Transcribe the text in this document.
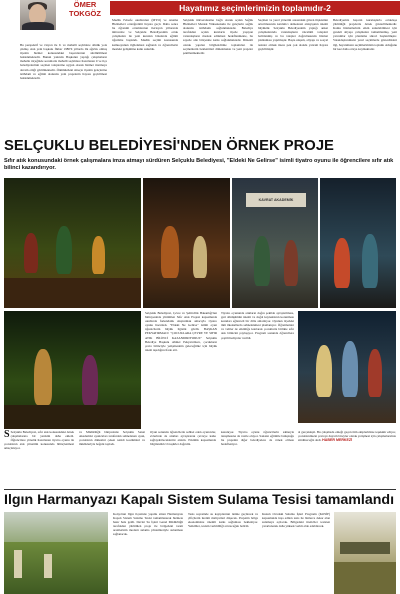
ÖMER
TOKGÖZ
Bu perspektif ve vizyon ile 9. ve mahalli seçimlere dönük yola çıkmış olan yeni başkanı İlkbar 1980'li yıllarda ilk ağırlık olmuş ilçenin hizmet konusundaki başarılarının sürdürülmesi beklenmektedir. Bunun yanında Başkanın yaptığı çalışmaların mahalle ölçeğinde sorunlarla mahalli seçimlere hazırlanan il ve ilçe belediyelerinin seçmen taleplerine uygun olarak hizmet üretmeye devam ettiği görülmektedir. Önümüzdeki süreçte ilçenin gençlerine istihdam ve eğitim alanında yeni projelerin hayata geçirilmesi beklenmektedir.
Hayatımız seçimlerimizin toplamıdır-2
Mezhk Felsefe okullarının (MYO) ve Anama Hizmetleri ortaöğretimi hayata geçti. Daha sonra bu öğrenim ortamlarının ilerleyen yıllarında üniversite ve Selçuklu Belediyesinin ortak çalışmaları ile yeni kurulan binalarda eğitim öğretime başlandı. Mezhk seçimi konusunda kamuoyunun ilgilenmesi sağlandı ve öğrencilerin mesleki gelişimine katkı sunuldu.
Selçuklu üniversitesine bağlı olarak açılan Sağlık Hizmetleri Meslek Yüksekokulu ile gençlerin sağlık alanında istihdamı sağlanmaktadır. Belediye tarafından açılan kurslarla ilçede yaşayan vatandaşların meslek edinmesi hedeflenmekte, bu sayede aile bütçesine katkı sağlanmaktadır. Düzenli olarak yapılan bilgilendirme toplantıları ile seçmenlerin beklentileri dinlenmekte ve yeni projeler şekillenmektedir.
Seçmen ve yerel yönetim arasındaki güven ilişkisinin artırılmasında katılımcı demokrasi anlayışının önemi büyüktür. Selçuklu Belediyesinin yaptığı anket çalışmalarında vatandaşların öncelikli talepleri belirlenmiş ve bu talepler doğrultusunda hizmet planlaması yapılmıştır. Başta ulaşım, altyapı ve sosyal tesisler olmak üzere pek çok alanda yatırım hayata geçirilmiştir.
Belediyemiz başarılı kuruluşlarla ortaklaşa yürüttüğü projelerle örnek gösterilmektedir. Kamu hizmetlerinin etkin sunulabilmesi için gerekli altyapı çalışmaları tamamlanmış, yeni yatırımlar için planlama süreci başlatılmıştır. Vatandaşlarımızın yerel seçimlerde gösterdikleri ilgi, hayatımızın seçimlerimizin toplamı olduğunu bir kez daha ortaya koymaktadır.
SELÇUKLU BELEDİYESİ'NDEN ÖRNEK PROJE
Sıfır atık konusundaki örnek çalışmalara imza atmayı sürdüren Selçuklu Belediyesi, "Eldeki Ne Gelirse" isimli tiyatro oyunu ile öğrencilere sıfır atık bilinci kazandırıyor.
KAVRAT AKADEMİK
Selçuklu Belediyesi, Çevre ve Şehircilik Bakanlığı'nın himayesinde yürütülen Sıfır Atık Projesi kapsamında okullarda farkındalık oluşturmak amacıyla tiyatro oyunu hazırladı. "Eldeki Ne Gelirse" isimli oyun öğrencilerin büyük ilgisini gördü. BAŞKAN PEKYATIRMACI: "ÇOCUKLARA ÇEVRE VE SIFIR ATIK BİLİNCİ KAZANDIRIYORUZ" Selçuklu Belediye Başkanı Ahmet Pekyatırmacı, çocukların çevre bilinciyle yetişmesinin geleceğimiz için büyük önem taşıdığını ifade etti.
Tiyatro oyununda atıkların doğru şekilde ayrıştırılması, geri dönüşümün önemi ve doğal kaynakların korunması konuları eğlenceli bir dille anlatılıyor. Oyunun ilçedeki tüm ilkokullarda sahnelenmesi planlanıyor. Öğretmenler ve veliler de etkinliğe katılarak çocuklarla birlikte sıfır atık bilincini paylaşıyor. Program sonunda öğrencilere çeşitli hediyeler verildi.
S Selçuklu Belediyesi, sıfır atık konusundaki örnek çalışmalarına bir yenisini daha ekledi. Öğrencilere yönelik hazırlanan tiyatro oyunu ile çocukların atık yönetimi konusunda bilinçlenmesi amaçlanıyor.
ve Müdürlüğü bünyesinde Selçuklu Sanat Akademisi oyuncuları tarafından sahnelenen oyun, çocukların dikkatini çeken renkli kostümleri ve müzikleriyle beğeni topladı.
Oyun sonunda öğrencilerle sohbet eden oyuncular, evlerinde de atıkları ayrıştırarak çevreye katkı sağlayabileceklerini anlattı. Etkinlik kapsamında bilgilendirici broşürler dağıtıldı.
kazanıyor. Tiyatro oyunu öğrencilerin sahneyle tanışmasına da vesile oluyor. Sanatın eğitimle buluştuğu bu projenin diğer belediyelere de örnek olması hedefleniyor.
al gerçekleşti. Bu çalışmada emeği geçen tüm ekiplerimize teşekkür ediyor, çocuklarımızın çevreye duyarlı bireyler olarak yetişmesi için çalışmalarımızı sürdüreceğiz dedi. HABER MERKEZİ
Ilgın Harmanyazı Kapalı Sistem Sulama Tesisi tamamlandı
Konya'nın Ilgın ilçesinde yapımı süren Harmanyazı Kapalı Sistem Sulama Tesisi tamamlanarak hizmete hazır hale geldi. Devlet Su İşleri Genel Müdürlüğü tarafından yürütülen proje ile bölgedeki tarım arazilerinin modern sulama yöntemleriyle sulanması sağlanacak.
Tesis sayesinde su kayıplarının önüne geçilecek ve çiftçilerin üretim maliyetleri düşecek. Projenin bölge ekonomisine önemli katkı sağlaması bekleniyor. Yetkililer, tesisin verimliliği artıracağını belirtti.
Kuzulı Ovadaki Sulama İşleri Programı (KOSİP) kapsamında inşa edilen tesis ile binlerce dekar alan sulamaya açılacak. Bölgedeki üreticiler tesisten yararlanarak daha yüksek verim elde edebilecek.
